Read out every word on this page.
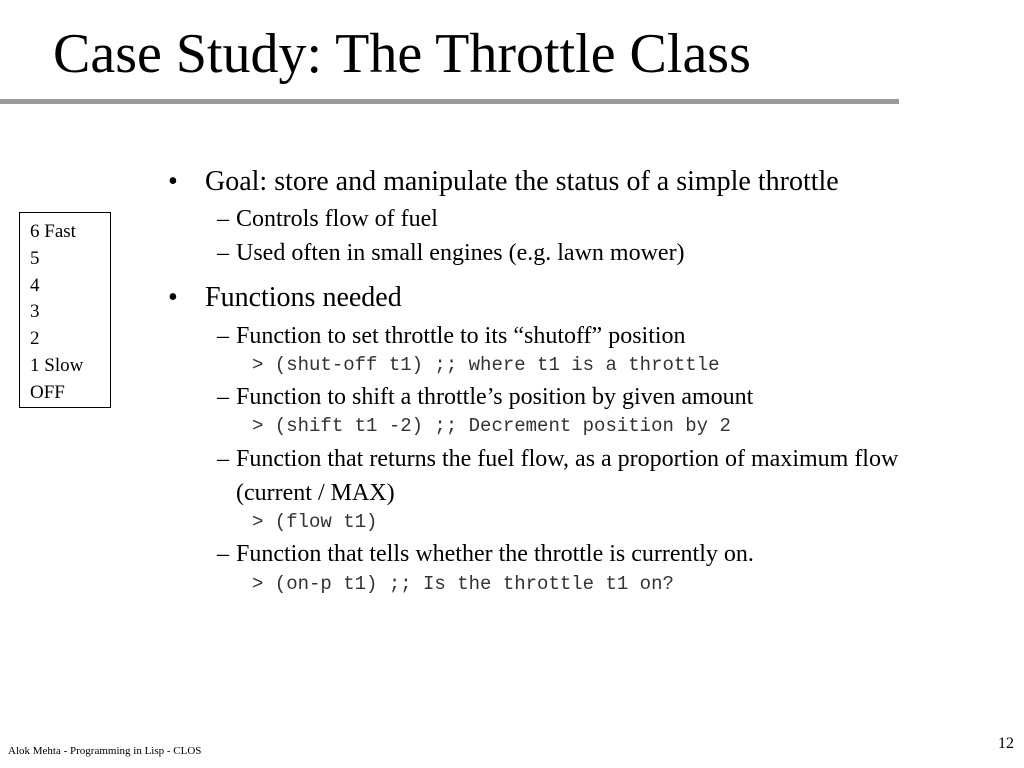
Case Study: The Throttle Class
6 Fast
5
4
3
2
1 Slow
OFF
• Goal: store and manipulate the status of a simple throttle
– Controls flow of fuel
– Used often in small engines (e.g. lawn mower)
• Functions needed
– Function to set throttle to its “shutoff” position
> (shut-off t1) ;; where t1 is a throttle
– Function to shift a throttle’s position by given amount
> (shift t1 -2) ;; Decrement position by 2
– Function that returns the fuel flow, as a proportion of maximum flow (current / MAX)
> (flow t1)
– Function that tells whether the throttle is currently on.
> (on-p t1) ;; Is the throttle t1 on?
Alok Mehta - Programming in Lisp - CLOS	12
